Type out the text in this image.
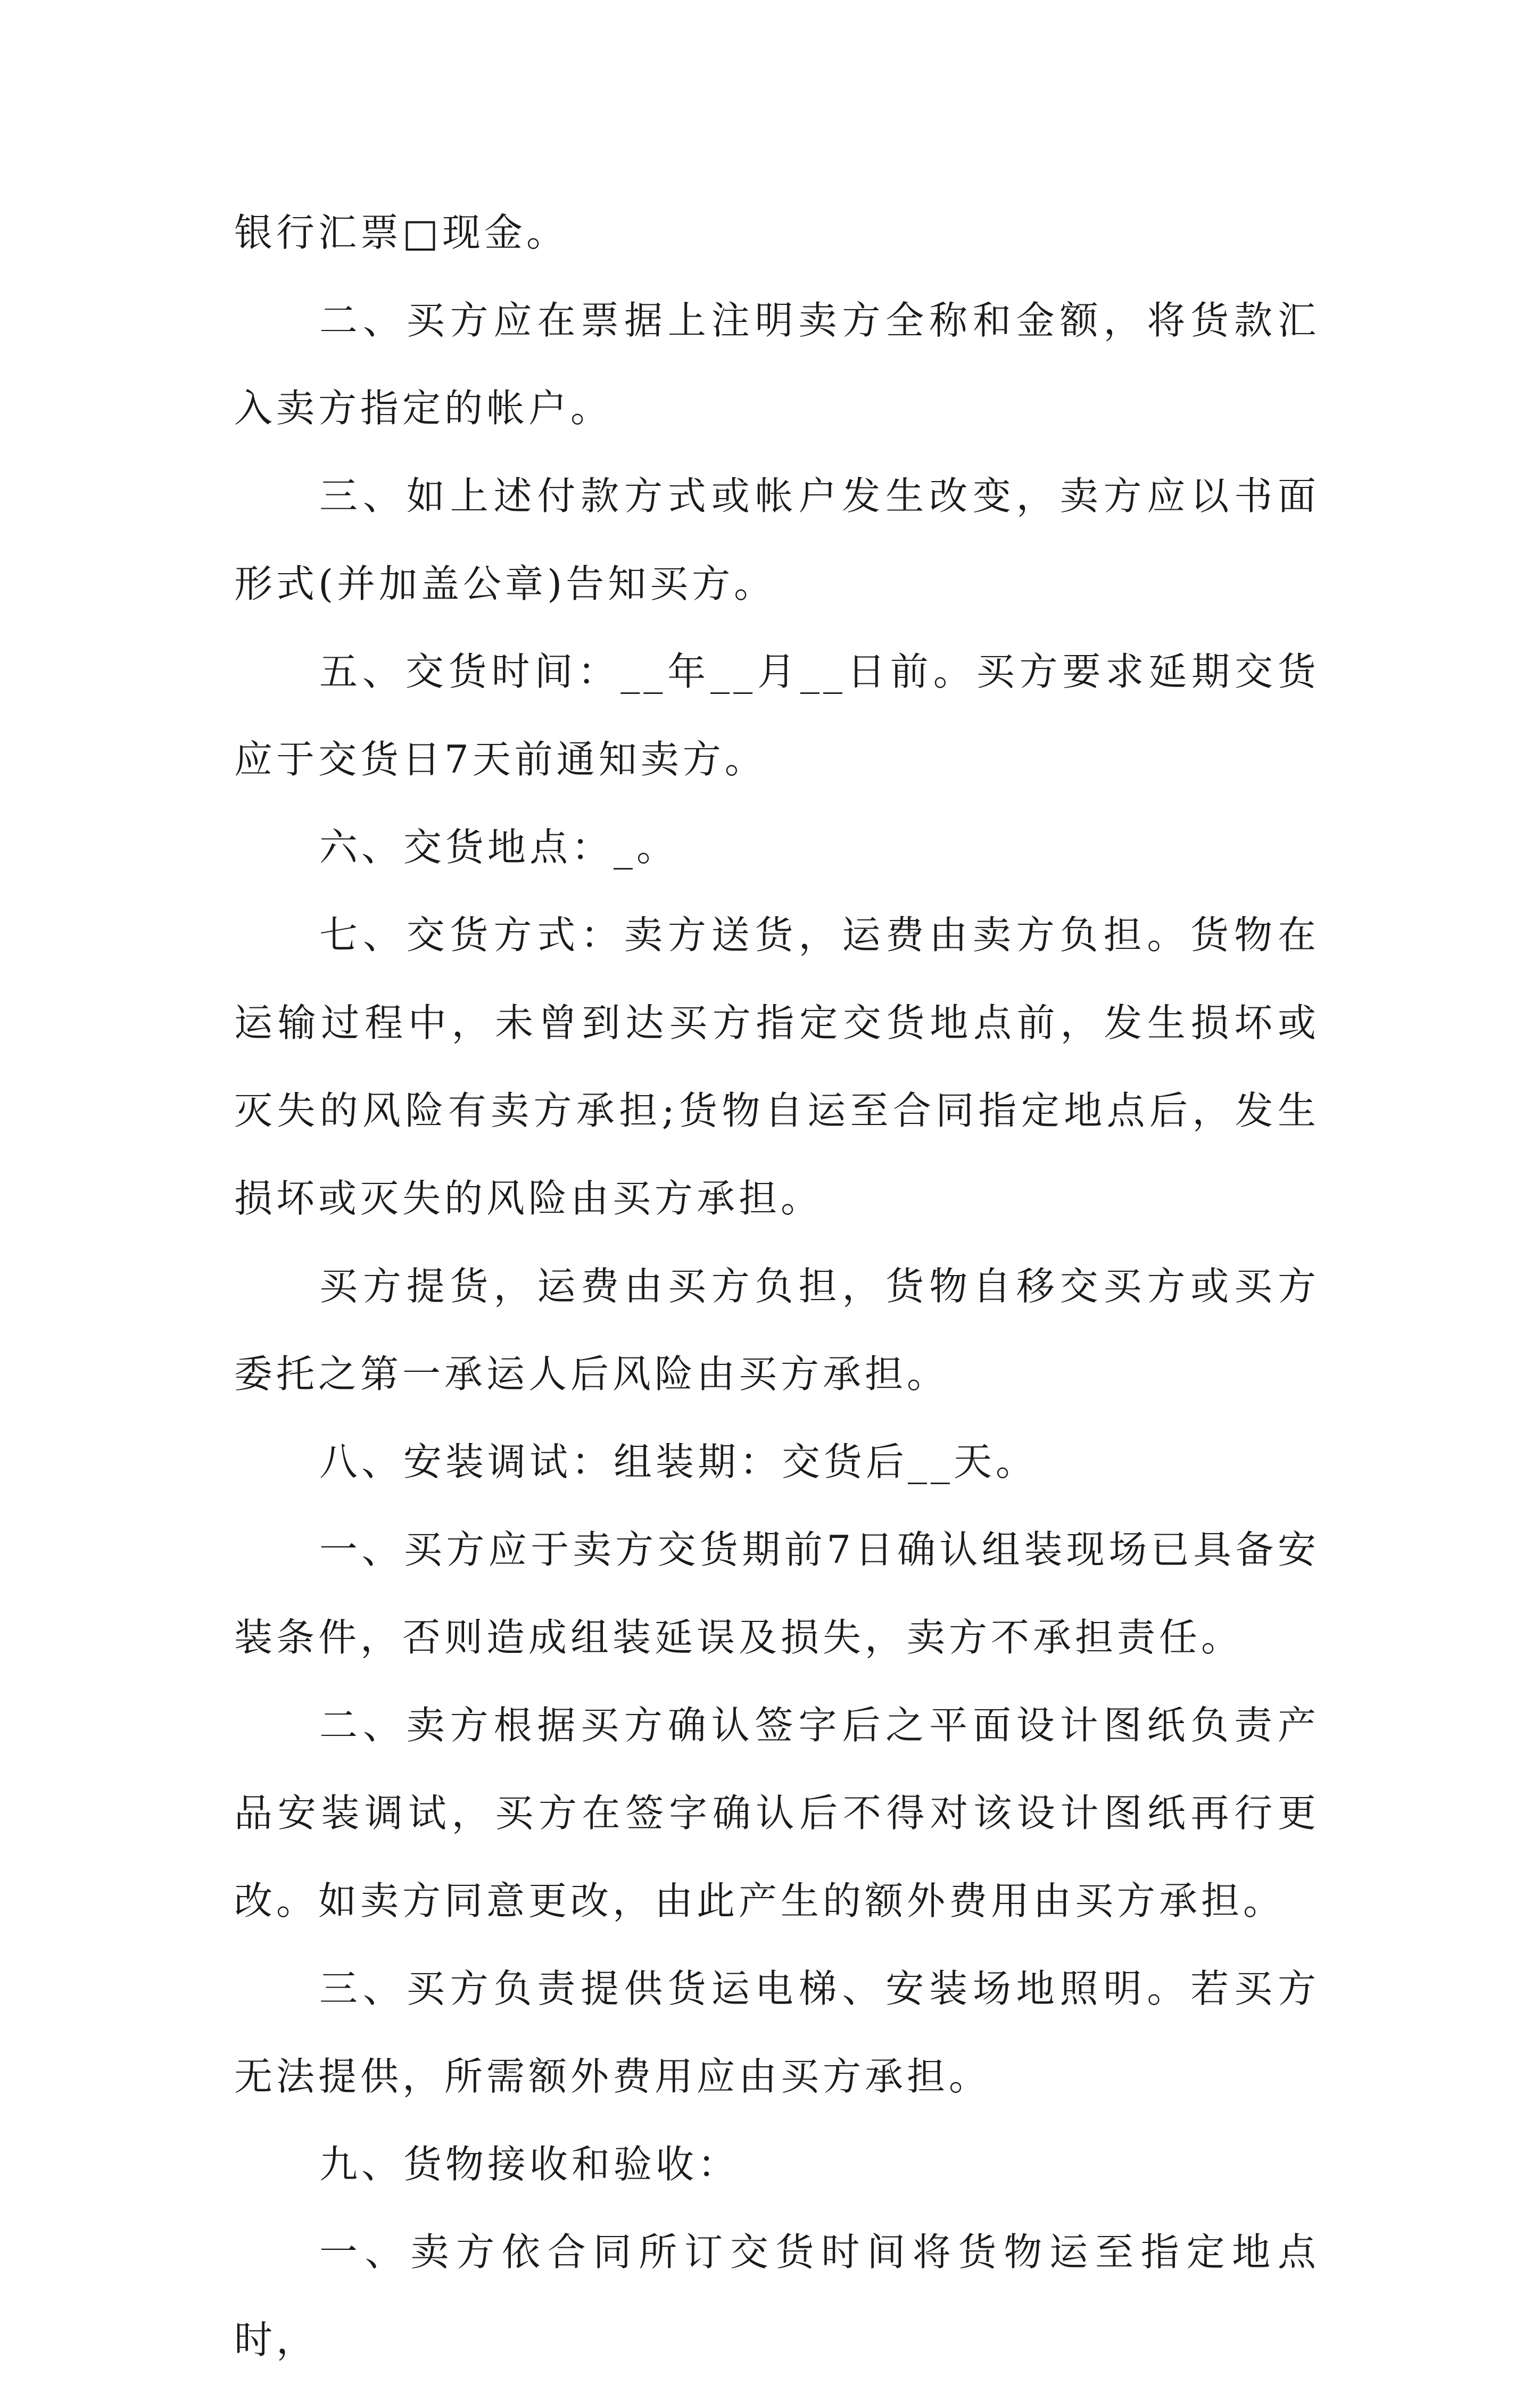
银行汇票□现金。

二、买方应在票据上注明卖方全称和金额，将货款汇入卖方指定的帐户。

三、如上述付款方式或帐户发生改变，卖方应以书面形式(并加盖公章)告知买方。

五、交货时间：__年__月__日前。买方要求延期交货应于交货日7天前通知卖方。

六、交货地点：_。

七、交货方式：卖方送货，运费由卖方负担。货物在运输过程中，未曾到达买方指定交货地点前，发生损坏或灭失的风险有卖方承担;货物自运至合同指定地点后，发生损坏或灭失的风险由买方承担。

买方提货，运费由买方负担，货物自移交买方或买方委托之第一承运人后风险由买方承担。

八、安装调试：组装期：交货后__天。

一、买方应于卖方交货期前7日确认组装现场已具备安装条件，否则造成组装延误及损失，卖方不承担责任。

二、卖方根据买方确认签字后之平面设计图纸负责产品安装调试，买方在签字确认后不得对该设计图纸再行更改。如卖方同意更改，由此产生的额外费用由买方承担。

三、买方负责提供货运电梯、安装场地照明。若买方无法提供，所需额外费用应由买方承担。

九、货物接收和验收：

一、卖方依合同所订交货时间将货物运至指定地点时，
